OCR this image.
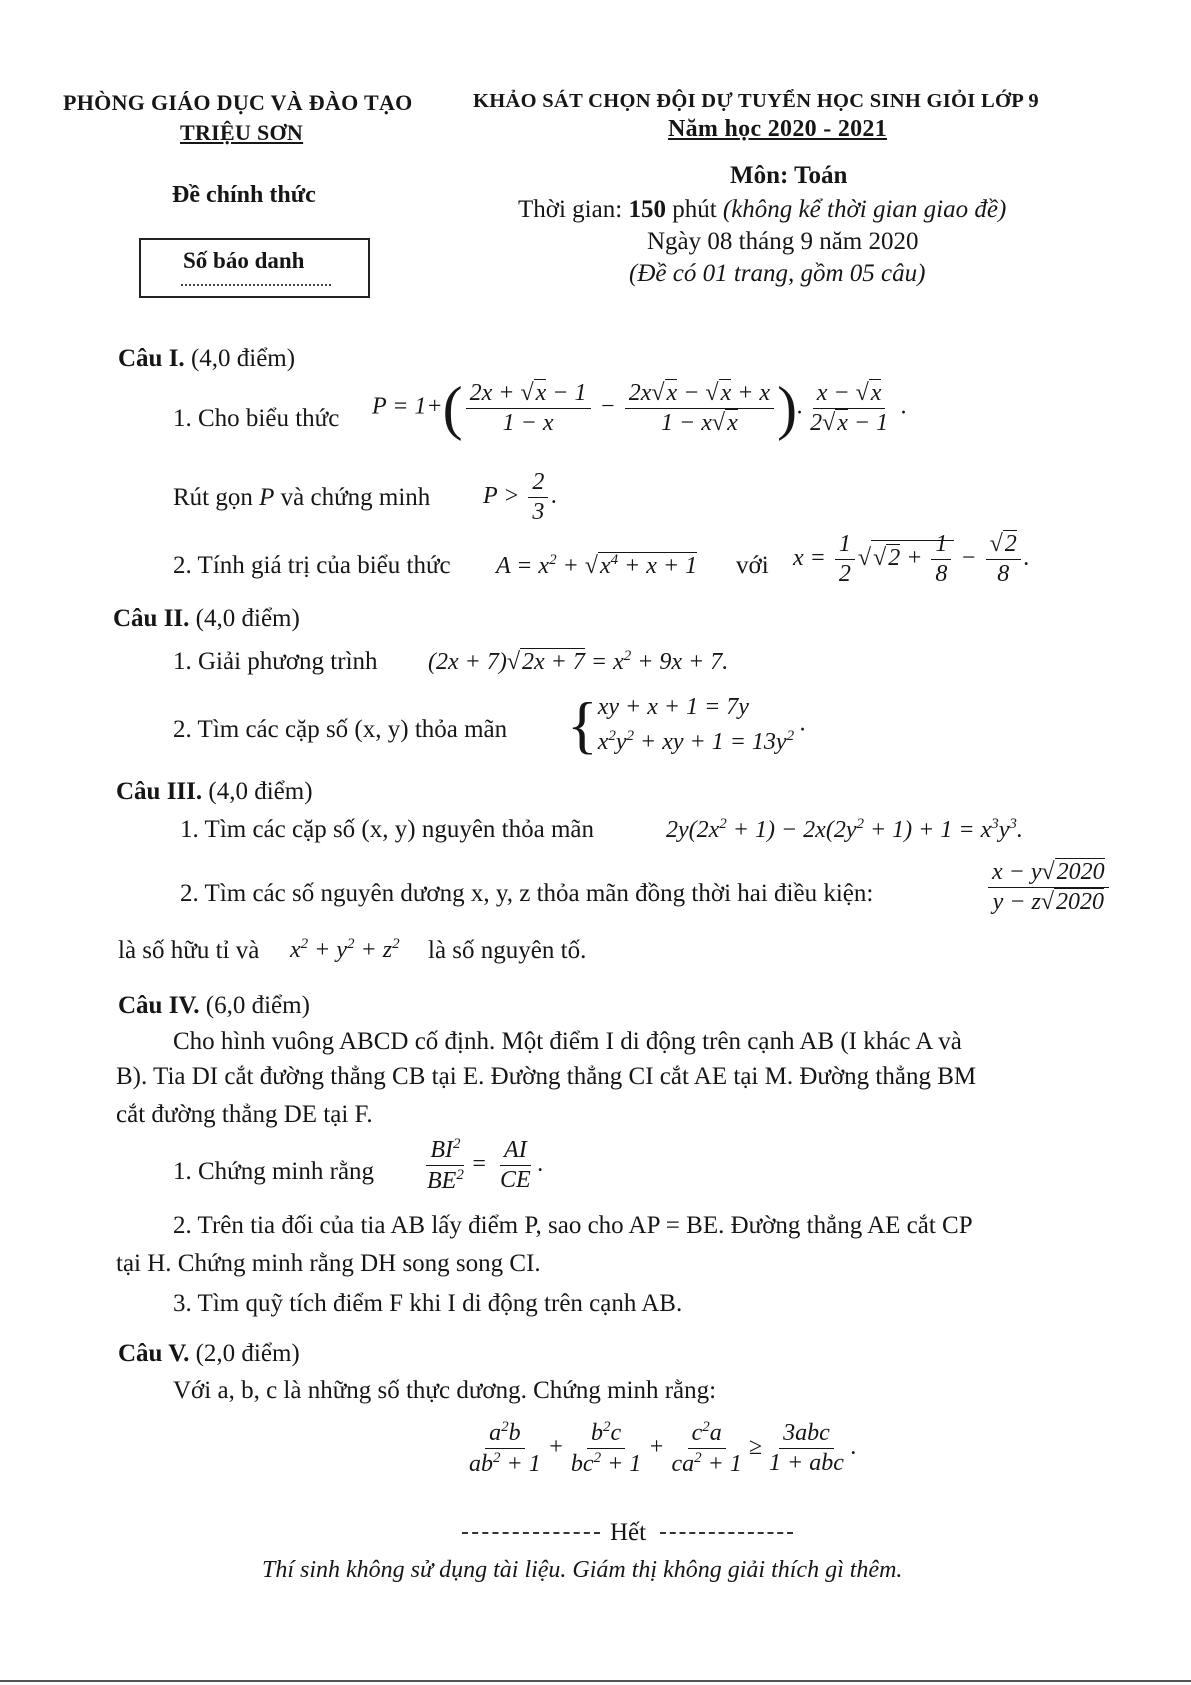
PHÒNG GIÁO DỤC VÀ ĐÀO TẠO
TRIỆU SƠN
KHẢO SÁT CHỌN ĐỘI DỰ TUYỂN HỌC SINH GIỎI LỚP 9
Năm học 2020 - 2021
Đề chính thức
Môn: Toán
Thời gian: 150 phút (không kể thời gian giao đề)
Ngày 08 tháng 9 năm 2020
(Đề có 01 trang, gồm 05 câu)
Số báo danh
Câu I. (4,0 điểm)
1. Cho biểu thức $P = 1+( \frac{2x + √x - 1}{1 - x} - \frac{2x√x - √x + x}{1 - x√x}$ ). $\frac{x - √x}{2√x - 1}$ .
Rút gọn P và chứng minh $P > \frac{2}{3}$ .
2. Tính giá trị của biểu thức $A = x^2 + √x^4 + x + 1$ với $x = \frac{1}{2} √√2 + \frac{1}{8} - \frac{√2}{8}$ .
Câu II. (4,0 điểm)
1. Giải phương trình $(2x + 7)√2x + 7 = x^2 + 9x + 7$.
2. Tìm các cặp số (x, y) thỏa mãn { xy + x + 1 = 7y
$x^2y^2$ + xy + $1 = 13y^2$ .
Câu III. (4,0 điểm)
1. Tìm các cặp số (x, y) nguyên thỏa mãn	$2y(2x^2 + 1) - 2x(2y^2 + 1) + 1 = x^3y^3$.
2. Tìm các số nguyên dương x, y, z thỏa mãn đồng thời hai điều kiện:	$\frac{x - y√2020}{y - z√2020}$
là số hữu tỉ và $x^2 + y^2 + z^2$ là số nguyên tố.
Câu IV. (6,0 điểm)
Cho hình vuông ABCD cố định. Một điểm I di động trên cạnh AB (I khác A và
B). Tia DI cắt đường thẳng CB tại E. Đường thẳng CI cắt AE tại M. Đường thẳng BM
cắt đường thẳng DE tại F.
1. Chứng minh rằng $\frac{BI^2}{BE^2} = \frac{AI}{CE}$ .
2. Trên tia đối của tia AB lấy điểm P, sao cho AP = BE. Đường thẳng AE cắt CP
tại H. Chứng minh rằng DH song song CI.
3. Tìm quỹ tích điểm F khi I di động trên cạnh AB.
Câu V. (2,0 điểm)
Với a, b, c là những số thực dương. Chứng minh rằng:
$\frac{a^2b}{ab^2 + 1} + \frac{b^2c}{bc^2 + 1} + \frac{c^2a}{ca^2 + 1} \ge \frac{\text{3abc}}{\text{1 + abc}}$ .
Hết
Thí sinh không sử dụng tài liệu. Giám thị không giải thích gì thêm.
